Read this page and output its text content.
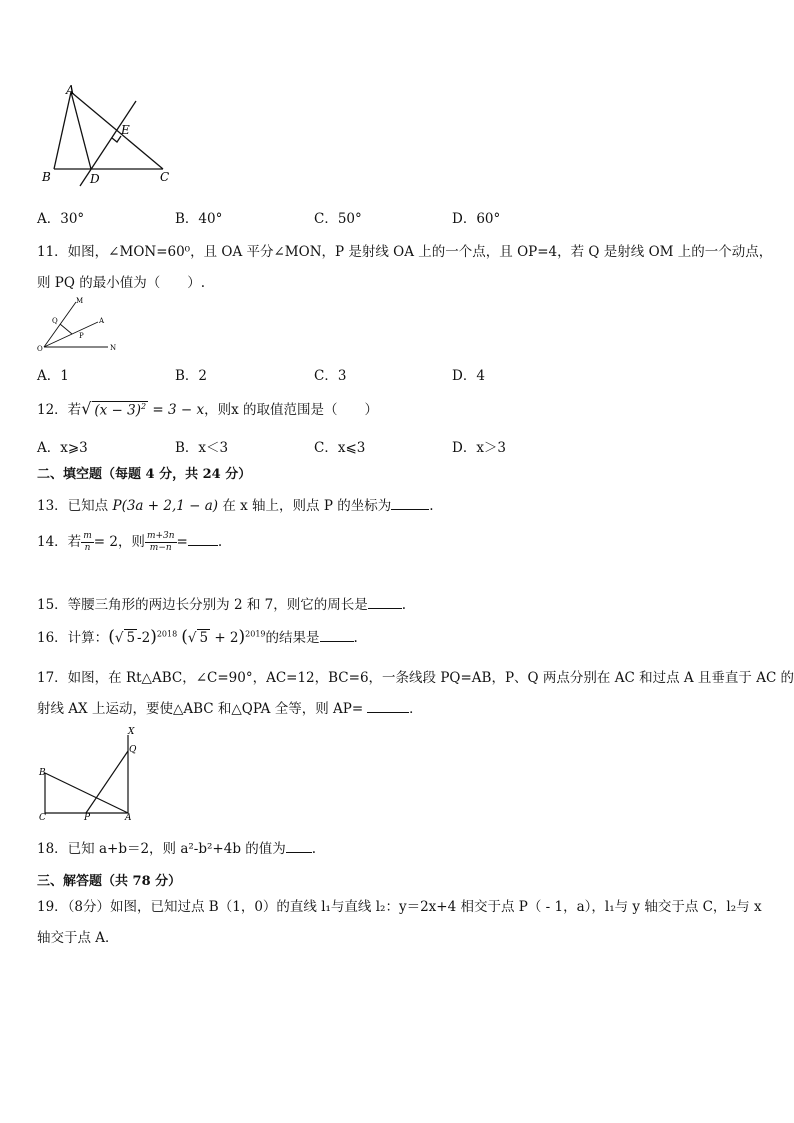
A
E
B	D	C
A．30°	B．40°	C．50°	D．60°
11．如图，∠MON=60⁰，且 OA 平分∠MON，P 是射线 OA 上的一个点，且 OP=4，若 Q 是射线 OM 上的一个动点，
则 PQ 的最小值为（　　）.
M
Q	A
P
O	N
A．1	B．2	C．3	D．4
12．若√ $(x - 3)^2 = 3 - x$，则x 的取值范围是（　　）
A．x⩾3	B．x＜3	C．x⩽3	D．x＞3
二、填空题（每题 4 分，共 24 分）
13．已知点 P(3a + 2,1 − a) 在 x 轴上，则点 P 的坐标为	.
14．若 $\frac{m}{n} = 2$，则 $\frac{m+3n}{m-n}$ = .
15．等腰三角形的两边长分别为 2 和 7，则它的周长是	.
16．计算：(√ 5 -2)$^{2018}$ (√ 5 + 2)$^{2019}$的结果是	.
17．如图，在 Rt△ABC，∠C=90°，AC=12，BC=6，一条线段 PQ=AB，P、Q 两点分别在 AC 和过点 A 且垂直于 AC 的
射线 AX 上运动，要使△ABC 和△QPA 全等，则 AP=	．
X
Q
B
C	P	A
18．已知 a+b＝2，则 a²-b²+4b 的值为 .
三、解答题（共 78 分）
19．（8分）如图，已知过点 B（1，0）的直线 l₁与直线 l₂：y＝2x+4 相交于点 P（ - 1，a），l₁与 y 轴交于点 C，l₂与 x
轴交于点 A．
